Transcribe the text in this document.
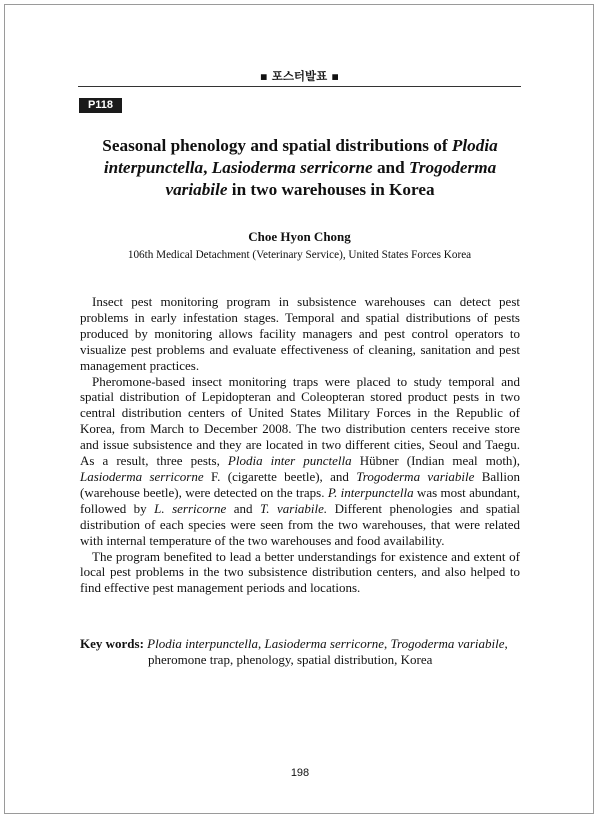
▪ 포스터발표 ▪
P118
Seasonal phenology and spatial distributions of Plodia interpunctella, Lasioderma serricorne and Trogoderma variabile in two warehouses in Korea
Choe Hyon Chong
106th Medical Detachment (Veterinary Service), United States Forces Korea

Insect pest monitoring program in subsistence warehouses can detect pest problems in early infestation stages. Temporal and spatial distributions of pests produced by monitoring allows facility managers and pest control operators to visualize pest problems and evaluate effectiveness of cleaning, sanitation and pest management practices.

Pheromone-based insect monitoring traps were placed to study temporal and spatial distribution of Lepidopteran and Coleopteran stored product pests in two central distribution centers of United States Military Forces in the Republic of Korea, from March to December 2008. The two distribution centers receive store and issue subsistence and they are located in two different cities, Seoul and Taegu. As a result, three pests, Plodia inter punctella Hübner (Indian meal moth), Lasioderma serricorne F. (cigarette beetle), and Trogoderma variabile Ballion (warehouse beetle), were detected on the traps. P. interpunctella was most abundant, followed by L. serricorne and T. variabile. Different phenologies and spatial distribution of each species were seen from the two warehouses, that were related with internal temperature of the two warehouses and food availability.

The program benefited to lead a better understandings for existence and extent of local pest problems in the two subsistence distribution centers, and also helped to find effective pest management periods and locations.

Key words: Plodia interpunctella, Lasioderma serricorne, Trogoderma variabile,
pheromone trap, phenology, spatial distribution, Korea
198
